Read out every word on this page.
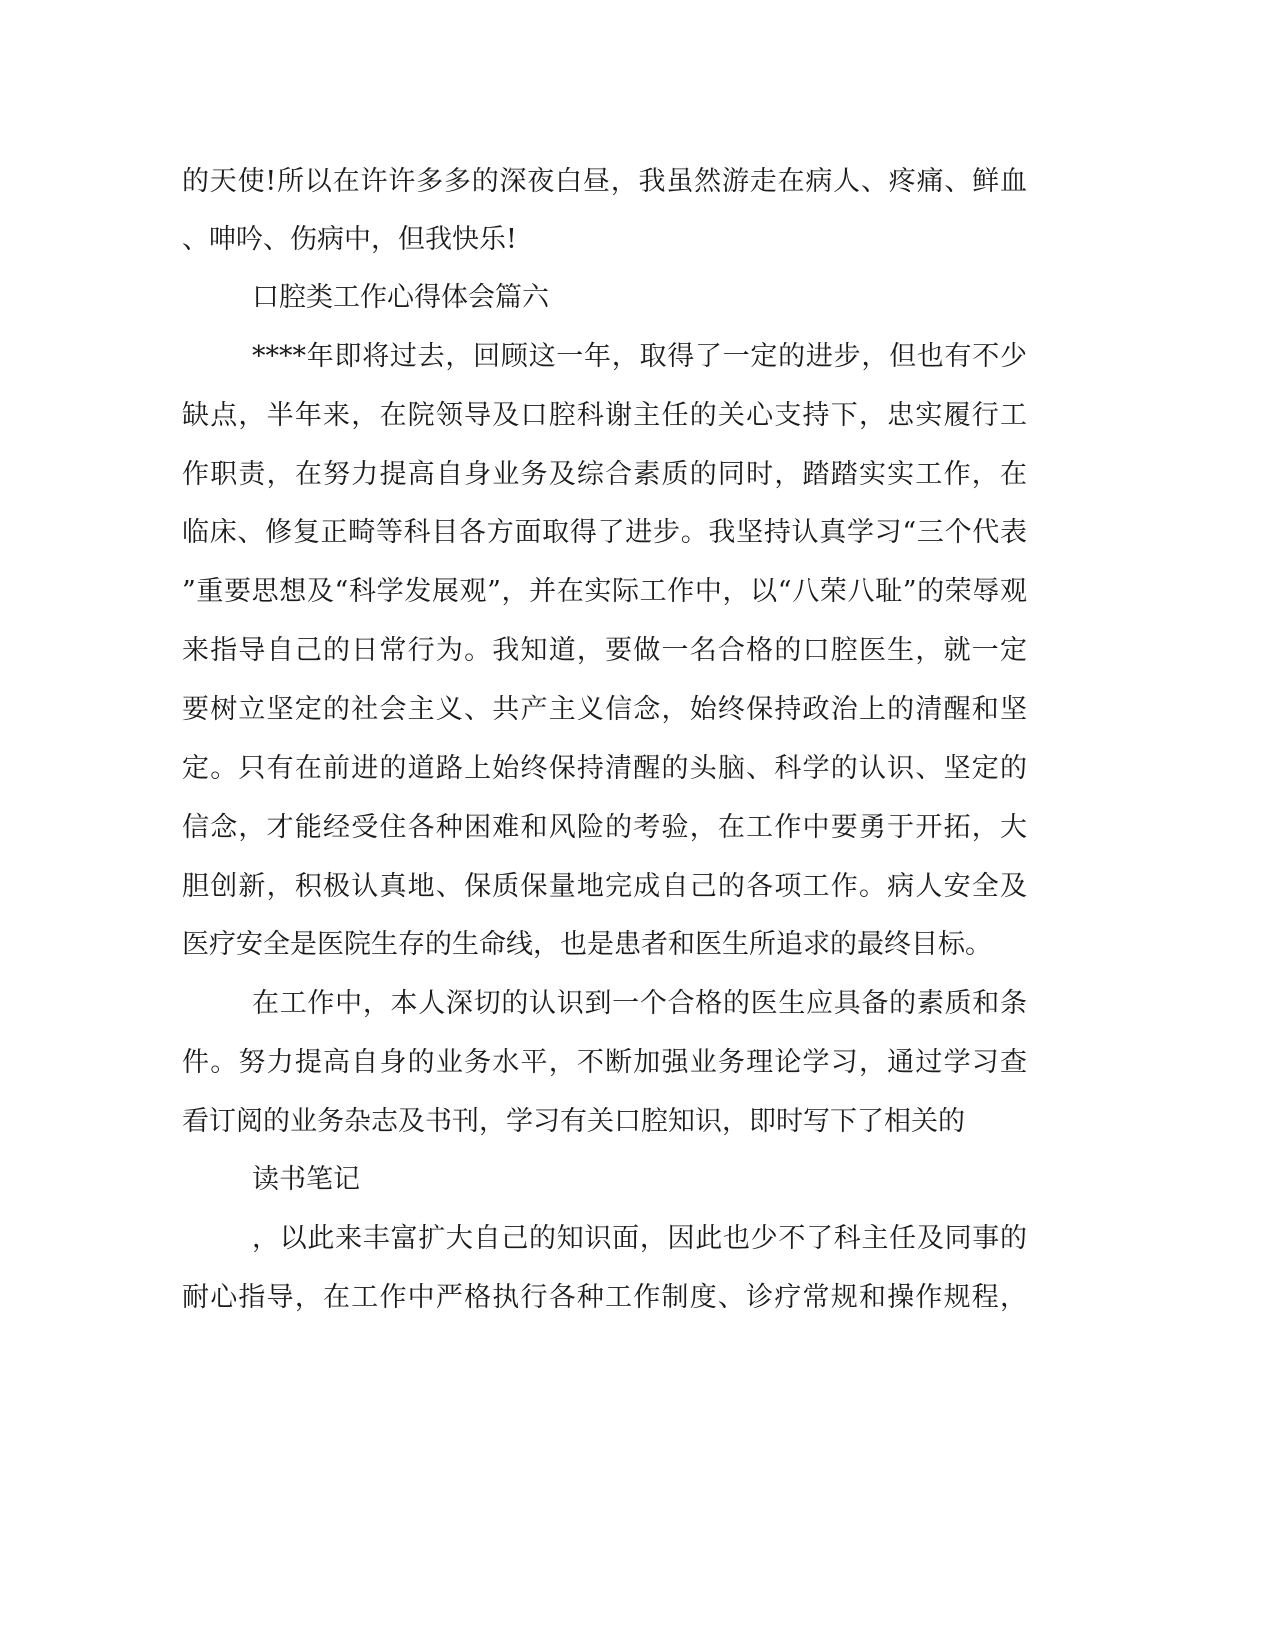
的天使!所以在许许多多的深夜白昼，我虽然游走在病人、疼痛、鲜血
、呻吟、伤病中，但我快乐!
口腔类工作心得体会篇六
****年即将过去，回顾这一年，取得了一定的进步，但也有不少
缺点，半年来，在院领导及口腔科谢主任的关心支持下，忠实履行工
作职责，在努力提高自身业务及综合素质的同时，踏踏实实工作，在
临床、修复正畸等科目各方面取得了进步。我坚持认真学习“三个代表
”重要思想及“科学发展观”，并在实际工作中，以“八荣八耻”的荣辱观
来指导自己的日常行为。我知道，要做一名合格的口腔医生，就一定
要树立坚定的社会主义、共产主义信念，始终保持政治上的清醒和坚
定。只有在前进的道路上始终保持清醒的头脑、科学的认识、坚定的
信念，才能经受住各种困难和风险的考验，在工作中要勇于开拓，大
胆创新，积极认真地、保质保量地完成自己的各项工作。病人安全及
医疗安全是医院生存的生命线，也是患者和医生所追求的最终目标。
在工作中，本人深切的认识到一个合格的医生应具备的素质和条
件。努力提高自身的业务水平，不断加强业务理论学习，通过学习查
看订阅的业务杂志及书刊，学习有关口腔知识，即时写下了相关的
读书笔记
，以此来丰富扩大自己的知识面，因此也少不了科主任及同事的
耐心指导，在工作中严格执行各种工作制度、诊疗常规和操作规程，
